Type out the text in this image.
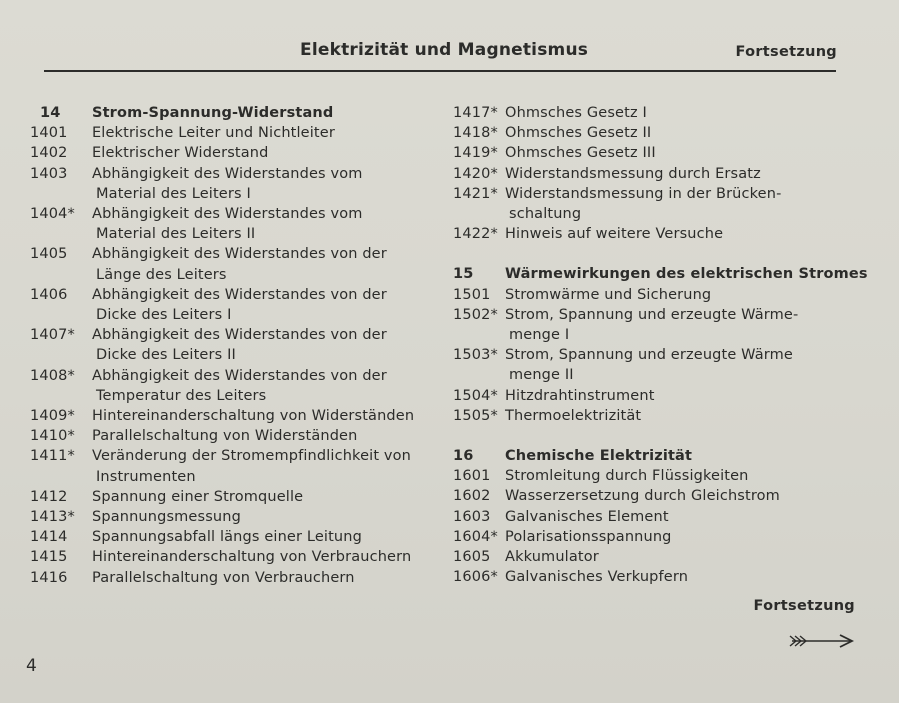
Elektrizität und Magnetismus	Fortsetzung
14	Strom-Spannung-Widerstand
1401	Elektrische Leiter und Nichtleiter
1402	Elektrischer Widerstand
1403	Abhängigkeit des Widerstandes vom
Material des Leiters I
1404*	Abhängigkeit des Widerstandes vom
Material des Leiters II
1405	Abhängigkeit des Widerstandes von der
Länge des Leiters
1406	Abhängigkeit des Widerstandes von der
Dicke des Leiters I
1407*	Abhängigkeit des Widerstandes von der
Dicke des Leiters II
1408*	Abhängigkeit des Widerstandes von der
Temperatur des Leiters
1409*	Hintereinanderschaltung von Widerständen
1410*	Parallelschaltung von Widerständen
1411*	Veränderung der Stromempfindlichkeit von
Instrumenten
1412	Spannung einer Stromquelle
1413*	Spannungsmessung
1414	Spannungsabfall längs einer Leitung
1415	Hintereinanderschaltung von Verbrauchern
1416	Parallelschaltung von Verbrauchern
1417* Ohmsches Gesetz I
1418* Ohmsches Gesetz II
1419* Ohmsches Gesetz III
1420* Widerstandsmessung durch Ersatz
1421* Widerstandsmessung in der Brücken-
schaltung
1422* Hinweis auf weitere Versuche
15	Wärmewirkungen des elektrischen Stromes
1501 Stromwärme und Sicherung
1502* Strom, Spannung und erzeugte Wärme-
menge I
1503* Strom, Spannung und erzeugte Wärme
menge II
1504* Hitzdrahtinstrument
1505* Thermoelektrizität
16	Chemische Elektrizität
1601 Stromleitung durch Flüssigkeiten
1602 Wasserzersetzung durch Gleichstrom
1603 Galvanisches Element
1604* Polarisationsspannung
1605 Akkumulator
1606* Galvanisches Verkupfern
Fortsetzung
4
